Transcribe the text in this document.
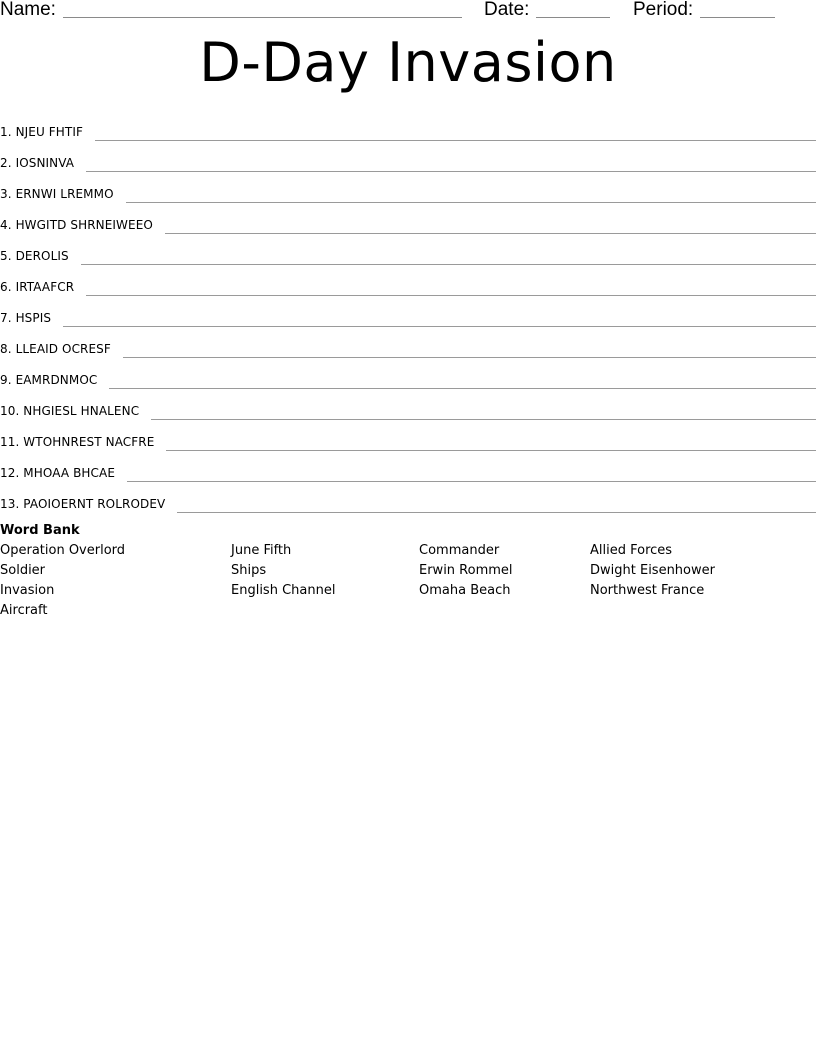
Name:	Date:	Period:
D-Day Invasion
1. NJEU FHTIF
2. IOSNINVA
3. ERNWI LREMMO
4. HWGITD SHRNEIWEEO
5. DEROLIS
6. IRTAAFCR
7. HSPIS
8. LLEAID OCRESF
9. EAMRDNMOC
10. NHGIESL HNALENC
11. WTOHNREST NACFRE
12. MHOAA BHCAE
13. PAOIOERNT ROLRODEV
Word Bank
Operation Overlord	June Fifth	Commander	Allied Forces
Soldier	Ships	Erwin Rommel	Dwight Eisenhower
Invasion	English Channel	Omaha Beach	Northwest France
Aircraft
